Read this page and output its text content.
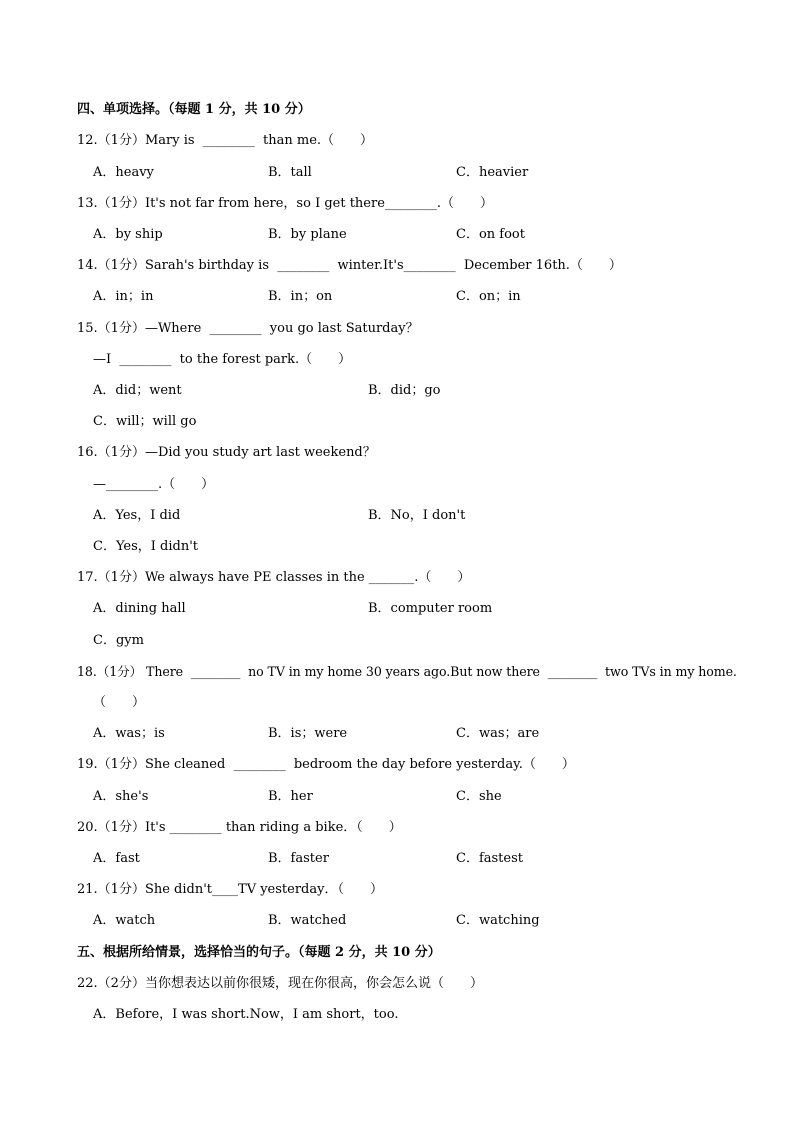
四、单项选择。（每题 1 分，共 10 分）
12.（1分）Mary is  ________  than me.（　　）
A．heavy	B．tall	C．heavier
13.（1分）It's not far from here，so I get there________.（　　）
A．by ship	B．by plane	C．on foot
14.（1分）Sarah's birthday is  ________  winter.It's________  December 16th.（　　）
A．in；in	B．in；on	C．on；in
15.（1分）—Where  ________  you go last Saturday？
—I  ________  to the forest park.（　　）
A．did；went	B．did；go
C．will；will go
16.（1分）—Did you study art last weekend？
—________.（　　）
A．Yes，I did	B．No，I don't
C．Yes，I didn't
17.（1分）We always have PE classes in the _______.（　　）
A．dining hall	B．computer room
C．gym
18.（1分） There  ________  no TV in my home 30 years ago.But now there  ________  two TVs in my home.
（　　）
A．was；is	B．is；were	C．was；are
19.（1分）She cleaned  ________  bedroom the day before yesterday.（　　）
A．she's	B．her	C．she
20.（1分）It's ________ than riding a bike．（　　）
A．fast	B．faster	C．fastest
21.（1分）She didn't____TV yesterday．（　　）
A．watch	B．watched	C．watching
五、根据所给情景，选择恰当的句子。（每题 2 分，共 10 分）
22.（2分）当你想表达以前你很矮，现在你很高，你会怎么说（　　）
A．Before，I was short.Now，I am short，too.
